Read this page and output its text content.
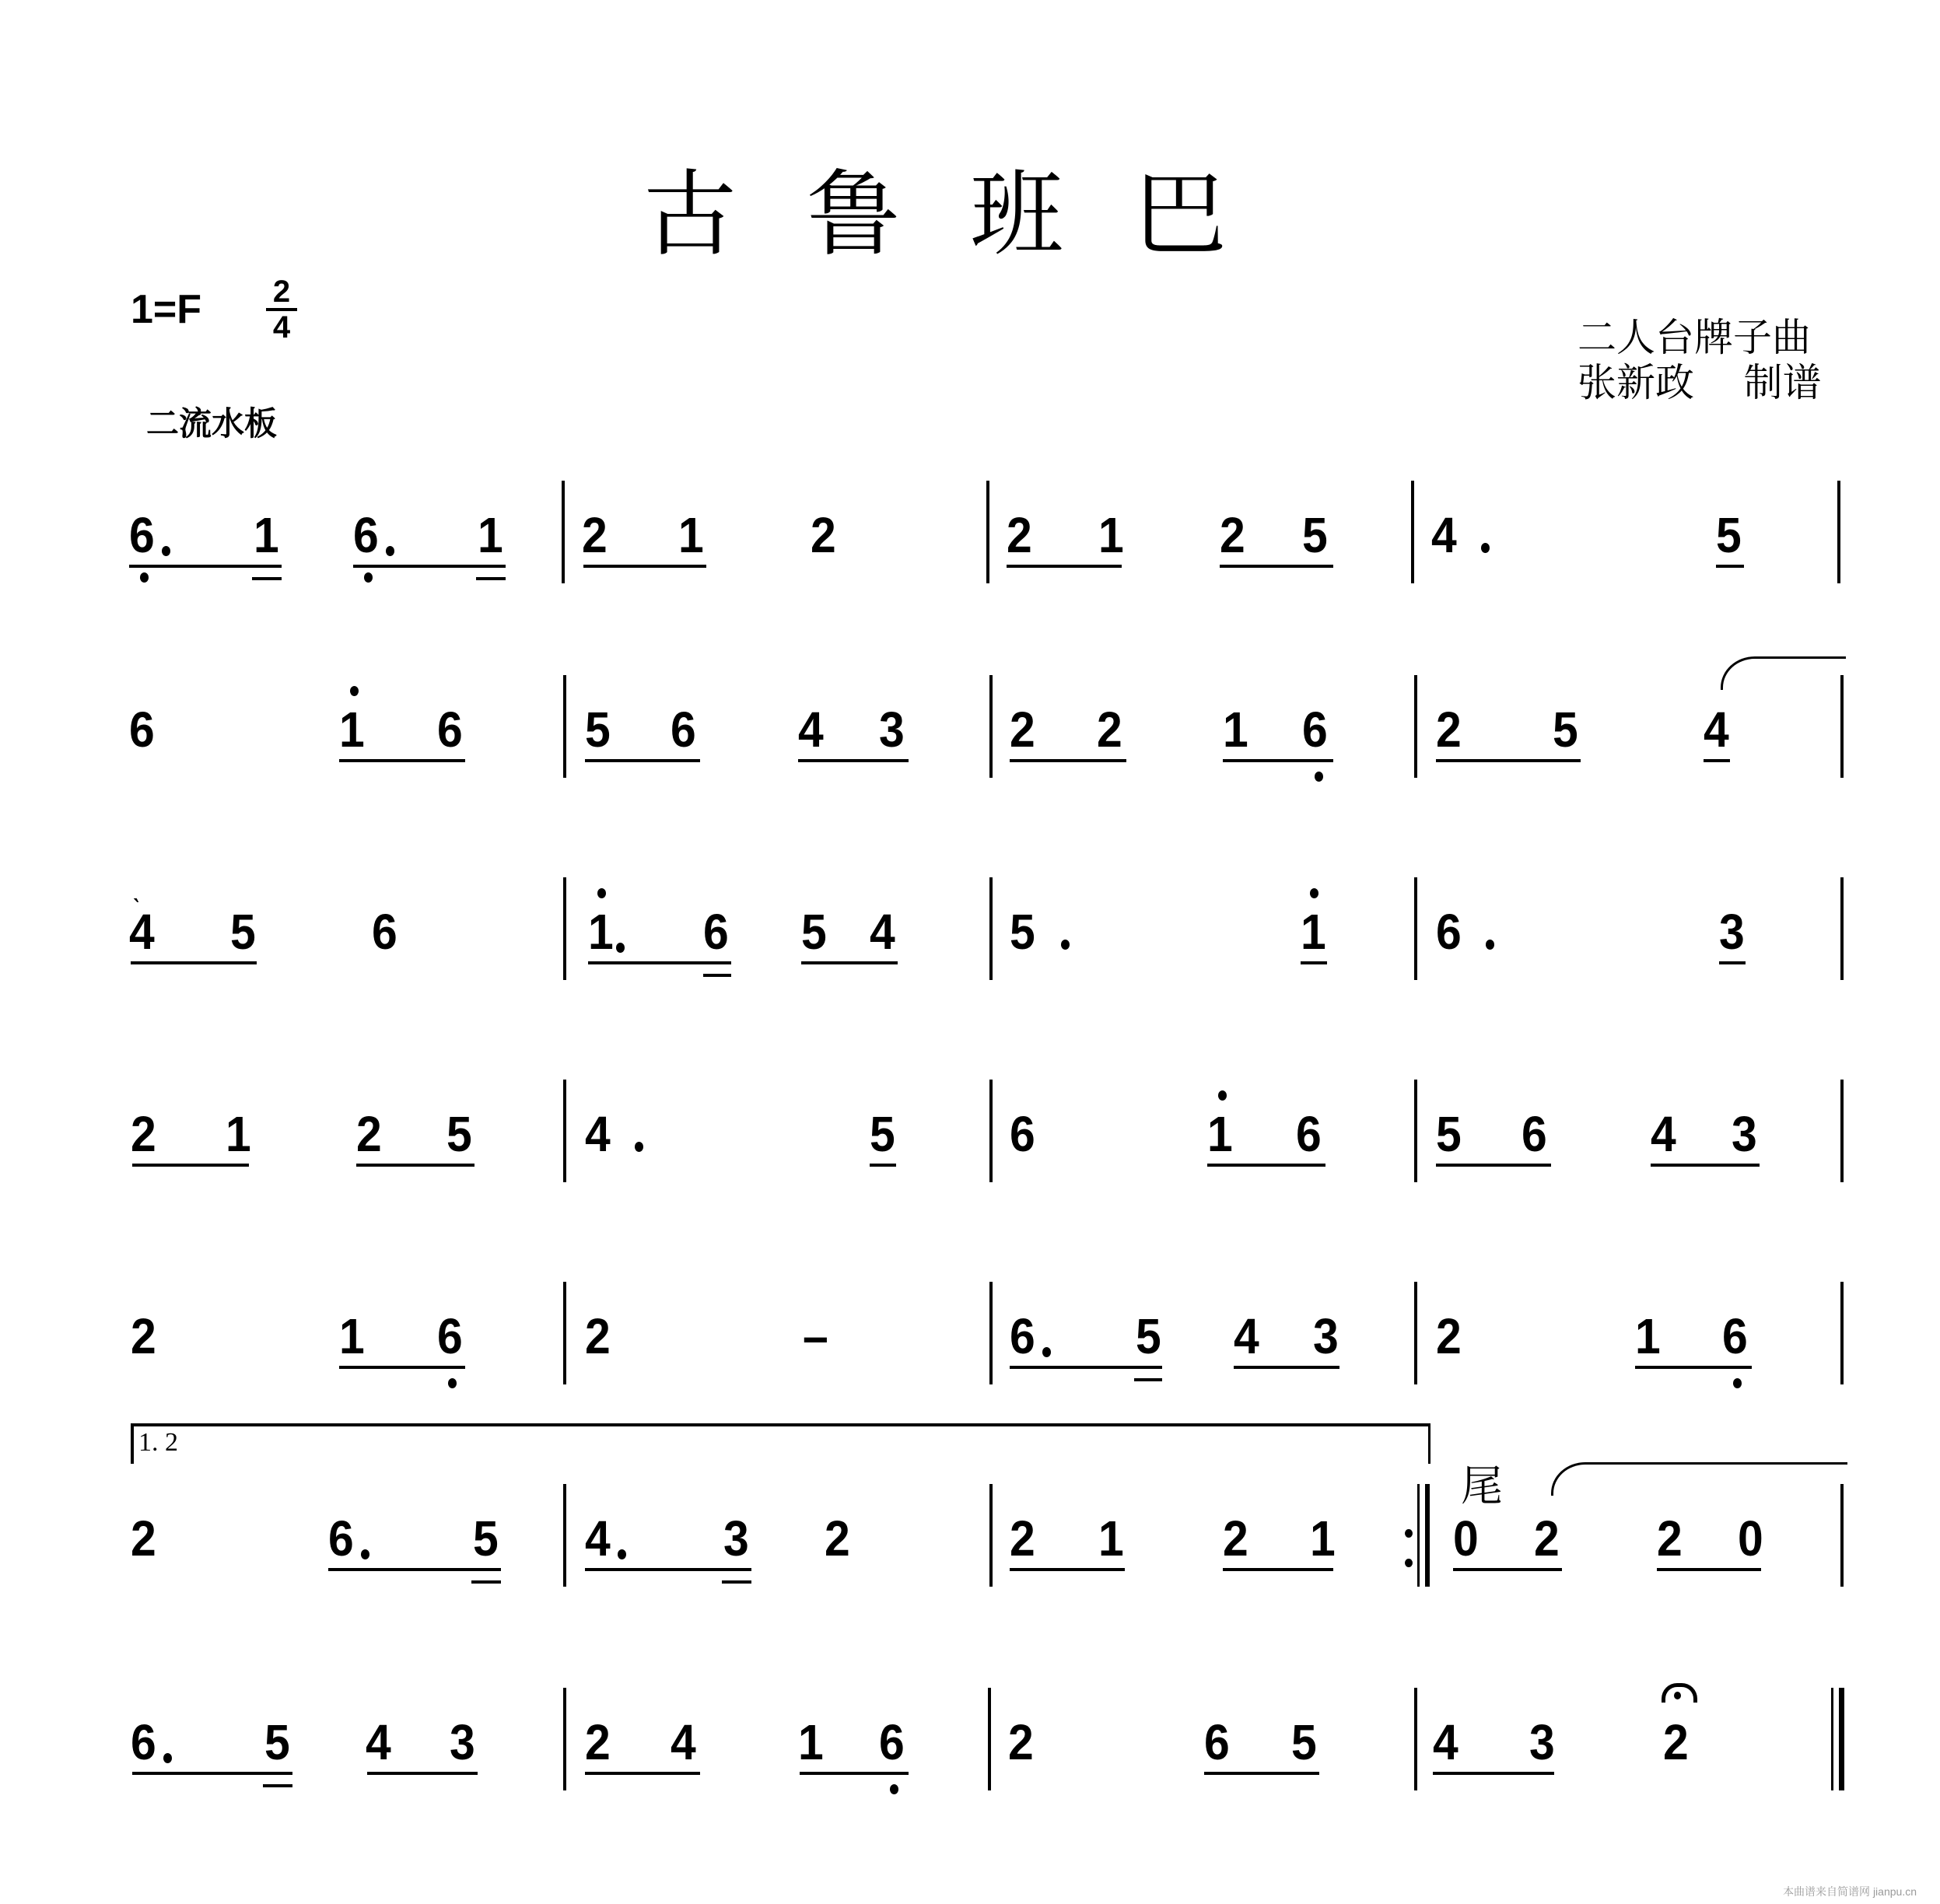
古鲁班巴
1=F 2
4
二流水板
二人台牌子曲
张新政    制谱
6 1 6 1 2 1 2	2 1 2 5 4	5
6	1 6 5 6 4 3 2 2 1 6 2 5	4
ˎ
4 5 6	1 6 5 4 5	1 6	3
2 1 2 5 4	5 6	1 6 5 6 4 3
2	1 6 2	–	6 5 4 3 2	1 6
1. 2
尾
2	6 5 4 3 2	2 1 2 1 0 2 2 0
6 5 4 3 2 4 1 6 2	6 5 4 3 2
本曲谱来自简谱网 jianpu.cn
